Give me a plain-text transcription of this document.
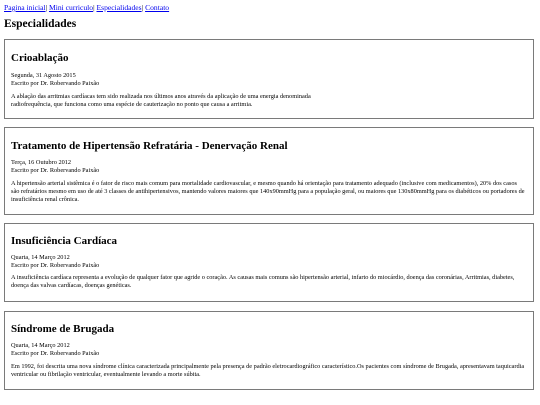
Pagina inicial| Mini curriculo| Especialidades| Contato
Especialidades
Crioablação
Segunda, 31 Agosto 2015
Escrito por Dr. Robervando Paixão

A ablação das arritmias cardíacas tem sido realizada nos últimos anos através da aplicação de uma energia denominada radiofrequência, que funciona como uma espécie de cauterização no ponto que causa a arritmia.

Tratamento de Hipertensão Refratária - Denervação Renal
Terça, 16 Outubro 2012
Escrito por Dr. Robervando Paixão

A hipertensão arterial sistêmica é o fator de risco mais comum para mortalidade cardiovascular, e mesmo quando há orientação para tratamento adequado (inclusive com medicamentos), 20% dos casos são refratários mesmo em uso de até 3 classes de antihipertensivos, mantendo valores maiores que 140x90mmHg para a população geral, ou maiores que 130x80mmHg para os diabéticos ou portadores de insuficiência renal crônica.

Insuficiência Cardíaca
Quarta, 14 Março 2012
Escrito por Dr. Robervando Paixão

A insuficiência cardíaca representa a evolução de qualquer fator que agride o coração. As causas mais comuns são hipertensão arterial, infarto do miocárdio, doença das coronárias, Arritmias, diabetes, doença das valvas cardíacas, doenças genéticas.

Síndrome de Brugada
Quarta, 14 Março 2012
Escrito por Dr. Robervando Paixão

Em 1992, foi descrita uma nova síndrome clínica caracterizada principalmente pela presença de padrão eletrocardiográfico característico.Os pacientes com síndrome de Brugada, apresentavam taquicardia ventricular ou fibrilação ventricular, eventualmente levando a morte súbita.
